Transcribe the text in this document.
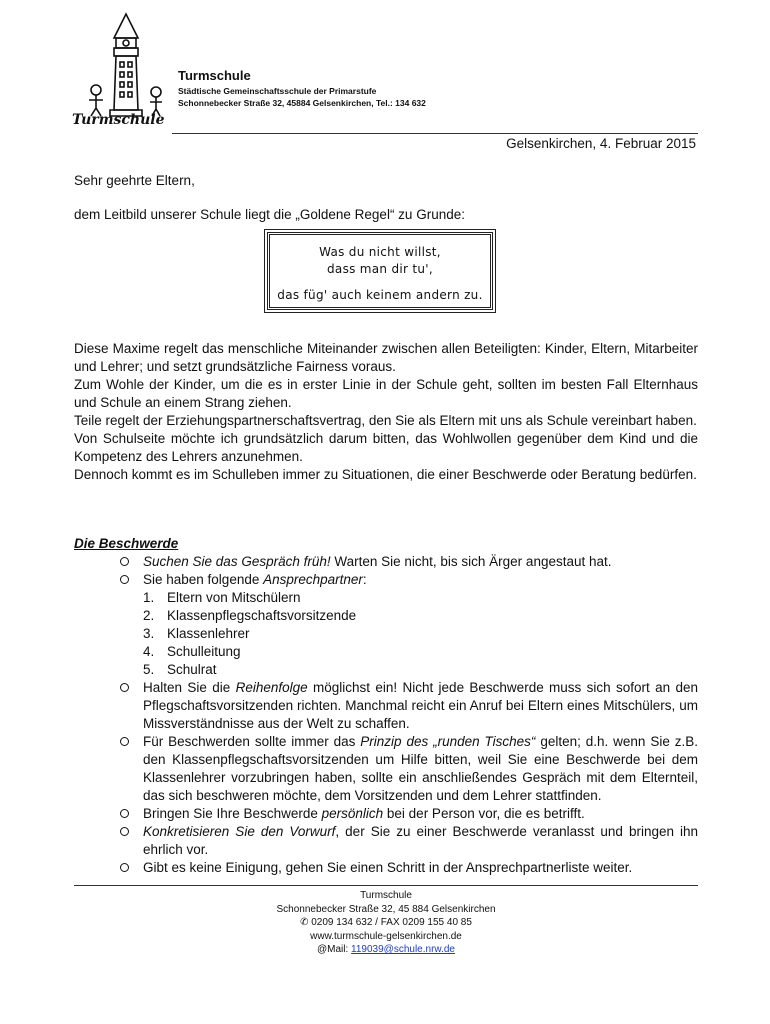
Turmschule
Turmschule
Städtische Gemeinschaftsschule der Primarstufe
Schonnebecker Straße 32, 45884 Gelsenkirchen, Tel.: 134 632
Gelsenkirchen, 4. Februar 2015
Sehr geehrte Eltern,
dem Leitbild unserer Schule liegt die „Goldene Regel“ zu Grunde:
Was du nicht willst,
dass man dir tu',
das füg' auch keinem andern zu.

Diese Maxime regelt das menschliche Miteinander zwischen allen Beteiligten: Kinder, Eltern, Mitarbeiter und Lehrer; und setzt grundsätzliche Fairness voraus.

Zum Wohle der Kinder, um die es in erster Linie in der Schule geht, sollten im besten Fall Elternhaus und Schule an einem Strang ziehen.

Teile regelt der Erziehungspartnerschaftsvertrag, den Sie als Eltern mit uns als Schule vereinbart haben.

Von Schulseite möchte ich grundsätzlich darum bitten, das Wohlwollen gegenüber dem Kind und die Kompetenz des Lehrers anzunehmen.

Dennoch kommt es im Schulleben immer zu Situationen, die einer Beschwerde oder Beratung bedürfen.

Die Beschwerde
Suchen Sie das Gespräch früh! Warten Sie nicht, bis sich Ärger angestaut hat.
Sie haben folgende Ansprechpartner:
1. Eltern von Mitschülern
2. Klassenpflegschaftsvorsitzende
3. Klassenlehrer
4. Schulleitung
5. Schulrat
Halten Sie die Reihenfolge möglichst ein! Nicht jede Beschwerde muss sich sofort an den Pflegschaftsvorsitzenden richten. Manchmal reicht ein Anruf bei Eltern eines Mitschülers, um Missverständnisse aus der Welt zu schaffen.
Für Beschwerden sollte immer das Prinzip des „runden Tisches“ gelten; d.h. wenn Sie z.B. den Klassenpflegschaftsvorsitzenden um Hilfe bitten, weil Sie eine Beschwerde bei dem Klassenlehrer vorzubringen haben, sollte ein anschließendes Gespräch mit dem Elternteil, das sich beschweren möchte, dem Vorsitzenden und dem Lehrer stattfinden.
Bringen Sie Ihre Beschwerde persönlich bei der Person vor, die es betrifft.
Konkretisieren Sie den Vorwurf, der Sie zu einer Beschwerde veranlasst und bringen ihn ehrlich vor.
Gibt es keine Einigung, gehen Sie einen Schritt in der Ansprechpartnerliste weiter.
Turmschule
Schonnebecker Straße 32, 45 884 Gelsenkirchen
✆ 0209 134 632 / FAX 0209 155 40 85
www.turmschule-gelsenkirchen.de
@Mail: 119039@schule.nrw.de
